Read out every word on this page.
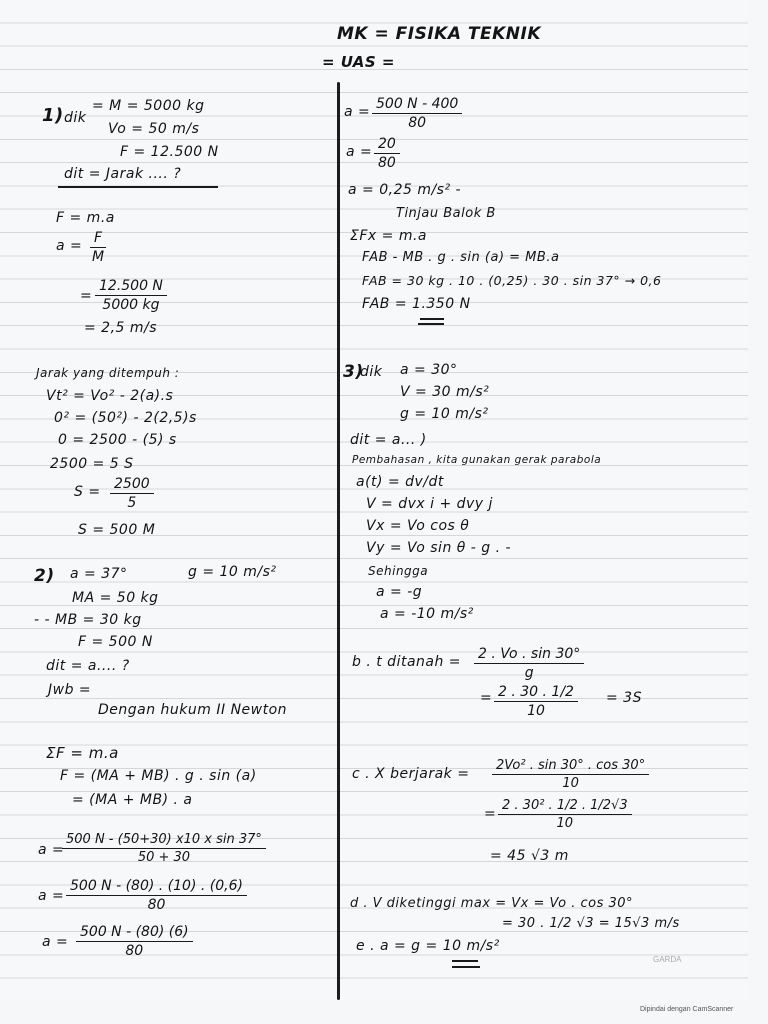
MK = FISIKA TEKNIK
= UAS =
1) dik
= M = 5000 kg
Vo = 50 m/s
F = 12.500 N
dit = Jarak .... ?
F = m.a
$a = \frac{F}{M}$
= $\frac{12.500 N}{5000 kg}$
= 2,5 m/s
Jarak yang ditempuh :
Vt² = Vo² - 2(a).s
0² = (50²) - 2(2,5)s
0 = 2500 - (5) s
2500 = 5 S
$S = \frac{2500}{5}$
S = 500 M
2) a = 37°	g = 10 m/s²
MA = 50 kg
- - MB = 30 kg
F = 500 N
dit = a.... ?
Jwb =
Dengan hukum II Newton
ΣF = m.a
F = (MA + MB) . g . sin (a)
= (MA + MB) . a
a =
$\frac{\text{500 N - (50+30) x10 x sin 37°}}{50 + 30}$
$a = \frac{500 N - (80) . (10) . (0,6)}{80}$
$a = \frac{500 N - (80) (6)}{80}$
$a = \frac{500 N - 400}{80}$
$a = \frac{20}{80}$
a = 0,25 m/s² -
Tinjau Balok B
ΣFx = m.a
FAB - MB . g . sin (a) = MB.a
FAB = 30 kg . 10 . (0,25) . 30 . sin 37° → 0,6
FAB = 1.350 N
3)
dik a = 30°
V = 30 m/s²
g = 10 m/s²
dit = a... )
Pembahasan , kita gunakan gerak parabola
a(t) = dv/dt
V = dvx i + dvy j
Vx = Vo cos θ
Vy = Vo sin θ - g . -
Sehingga
a = -g
a = -10 m/s²
b . t ditanah = $\frac{2 . Vo . \sin 30^\circ}{g}$
= $\frac{2 . 30 . 1/2}{10} = 3S$
c . X berjarak = $\frac{\text{2Vo² . sin 30° . cos 30°}}{10}$
= $\frac{\text{2 . 30² . 1/2 . 1/2√3}}{10}$
= 45 √3 m
d . V diketinggi max = Vx = Vo . cos 30°
= 30 . 1/2 √3 = 15√3 m/s
e . a = g = 10 m/s²
GARDA
Dipindai dengan CamScanner
